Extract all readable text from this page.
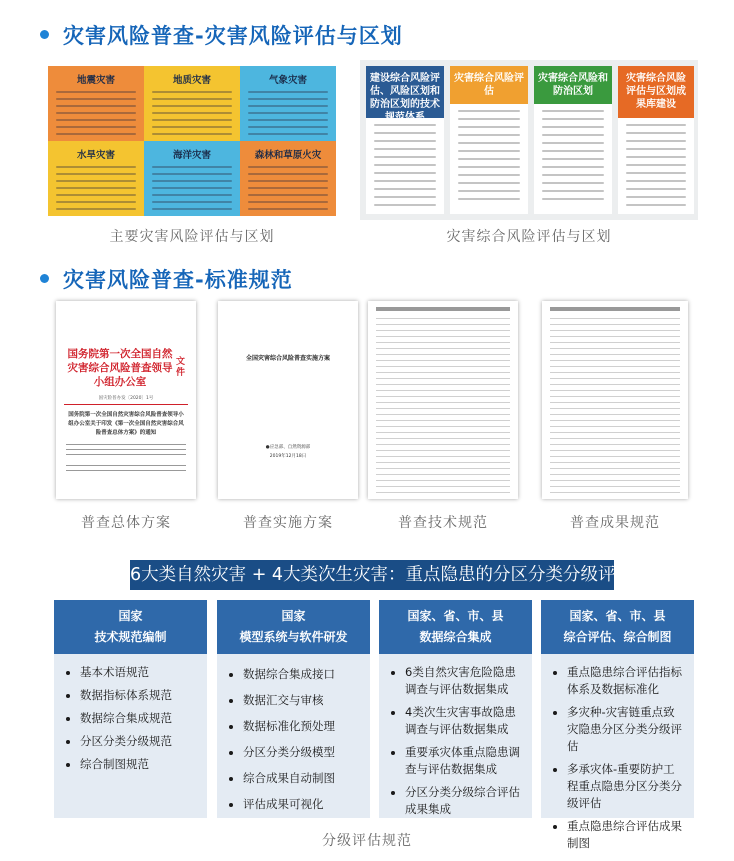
灾害风险普查-灾害风险评估与区划
地震灾害	地质灾害	气象灾害
水旱灾害	海洋灾害	森林和草原火灾
建设综合风险评估、风险区划和防治区划的技术规范体系
灾害综合风险评估
灾害综合风险和防治区划
灾害综合风险评估与区划成果库建设
主要灾害风险评估与区划	灾害综合风险评估与区划
灾害风险普查-标准规范
国务院第一次全国自然灾害综合风险普查领导小组办公室
文件
国灾险普办发〔2020〕1号
国务院第一次全国自然灾害综合风险普查领导小组办公室关于印发《第一次全国自然灾害综合风险普查总体方案》的通知
全国灾害综合风险普查实施方案
●应急部、自然资源部
2019年12月18日
普查总体方案	普查实施方案	普查技术规范	普查成果规范
6大类自然灾害 + 4大类次生灾害：重点隐患的分区分类分级评估
国家
技术规范编制
• 基本术语规范
• 数据指标体系规范
• 数据综合集成规范
• 分区分类分级规范
• 综合制图规范
国家
模型系统与软件研发
• 数据综合集成接口
• 数据汇交与审核
• 数据标准化预处理
• 分区分类分级模型
• 综合成果自动制图
• 评估成果可视化
国家、省、市、县
数据综合集成
• 6类自然灾害危险隐患调查与评估数据集成
• 4类次生灾害事故隐患调查与评估数据集成
• 重要承灾体重点隐患调查与评估数据集成
• 分区分类分级综合评估成果集成
国家、省、市、县
综合评估、综合制图
• 重点隐患综合评估指标体系及数据标准化
• 多灾种-灾害链重点致灾隐患分区分类分级评估
• 多承灾体-重要防护工程重点隐患分区分类分级评估
• 重点隐患综合评估成果制图
分级评估规范
